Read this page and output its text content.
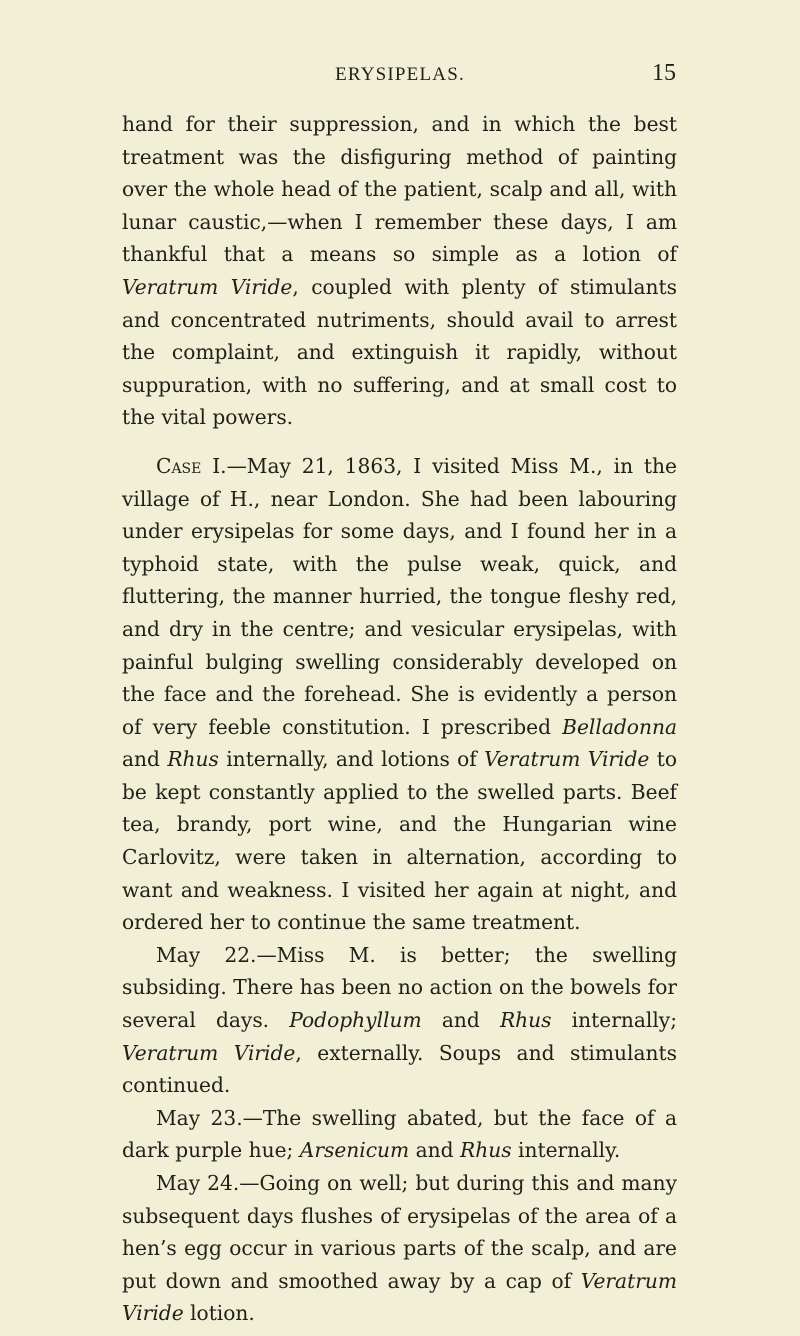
ERYSIPELAS.	15

hand for their suppression, and in which the best treatment was the disfiguring method of painting over the whole head of the patient, scalp and all, with lunar caustic,—when I remember these days, I am thankful that a means so simple as a lotion of Veratrum Viride, coupled with plenty of stimulants and concentrated nutriments, should avail to arrest the complaint, and extinguish it rapidly, without suppuration, with no suffering, and at small cost to the vital powers.

Case I.—May 21, 1863, I visited Miss M., in the village of H., near London. She had been labouring under erysipelas for some days, and I found her in a typhoid state, with the pulse weak, quick, and fluttering, the manner hurried, the tongue fleshy red, and dry in the centre; and vesicular erysipelas, with painful bulging swelling considerably developed on the face and the forehead. She is evidently a person of very feeble constitution. I prescribed Belladonna and Rhus internally, and lotions of Veratrum Viride to be kept constantly applied to the swelled parts. Beef tea, brandy, port wine, and the Hungarian wine Carlovitz, were taken in alternation, according to want and weakness. I visited her again at night, and ordered her to continue the same treatment.

May 22.—Miss M. is better; the swelling subsiding. There has been no action on the bowels for several days. Podophyllum and Rhus internally; Veratrum Viride, externally. Soups and stimulants continued.

May 23.—The swelling abated, but the face of a dark purple hue; Arsenicum and Rhus internally.

May 24.—Going on well; but during this and many subsequent days flushes of erysipelas of the area of a hen’s egg occur in various parts of the scalp, and are put down and smoothed away by a cap of Veratrum Viride lotion.
